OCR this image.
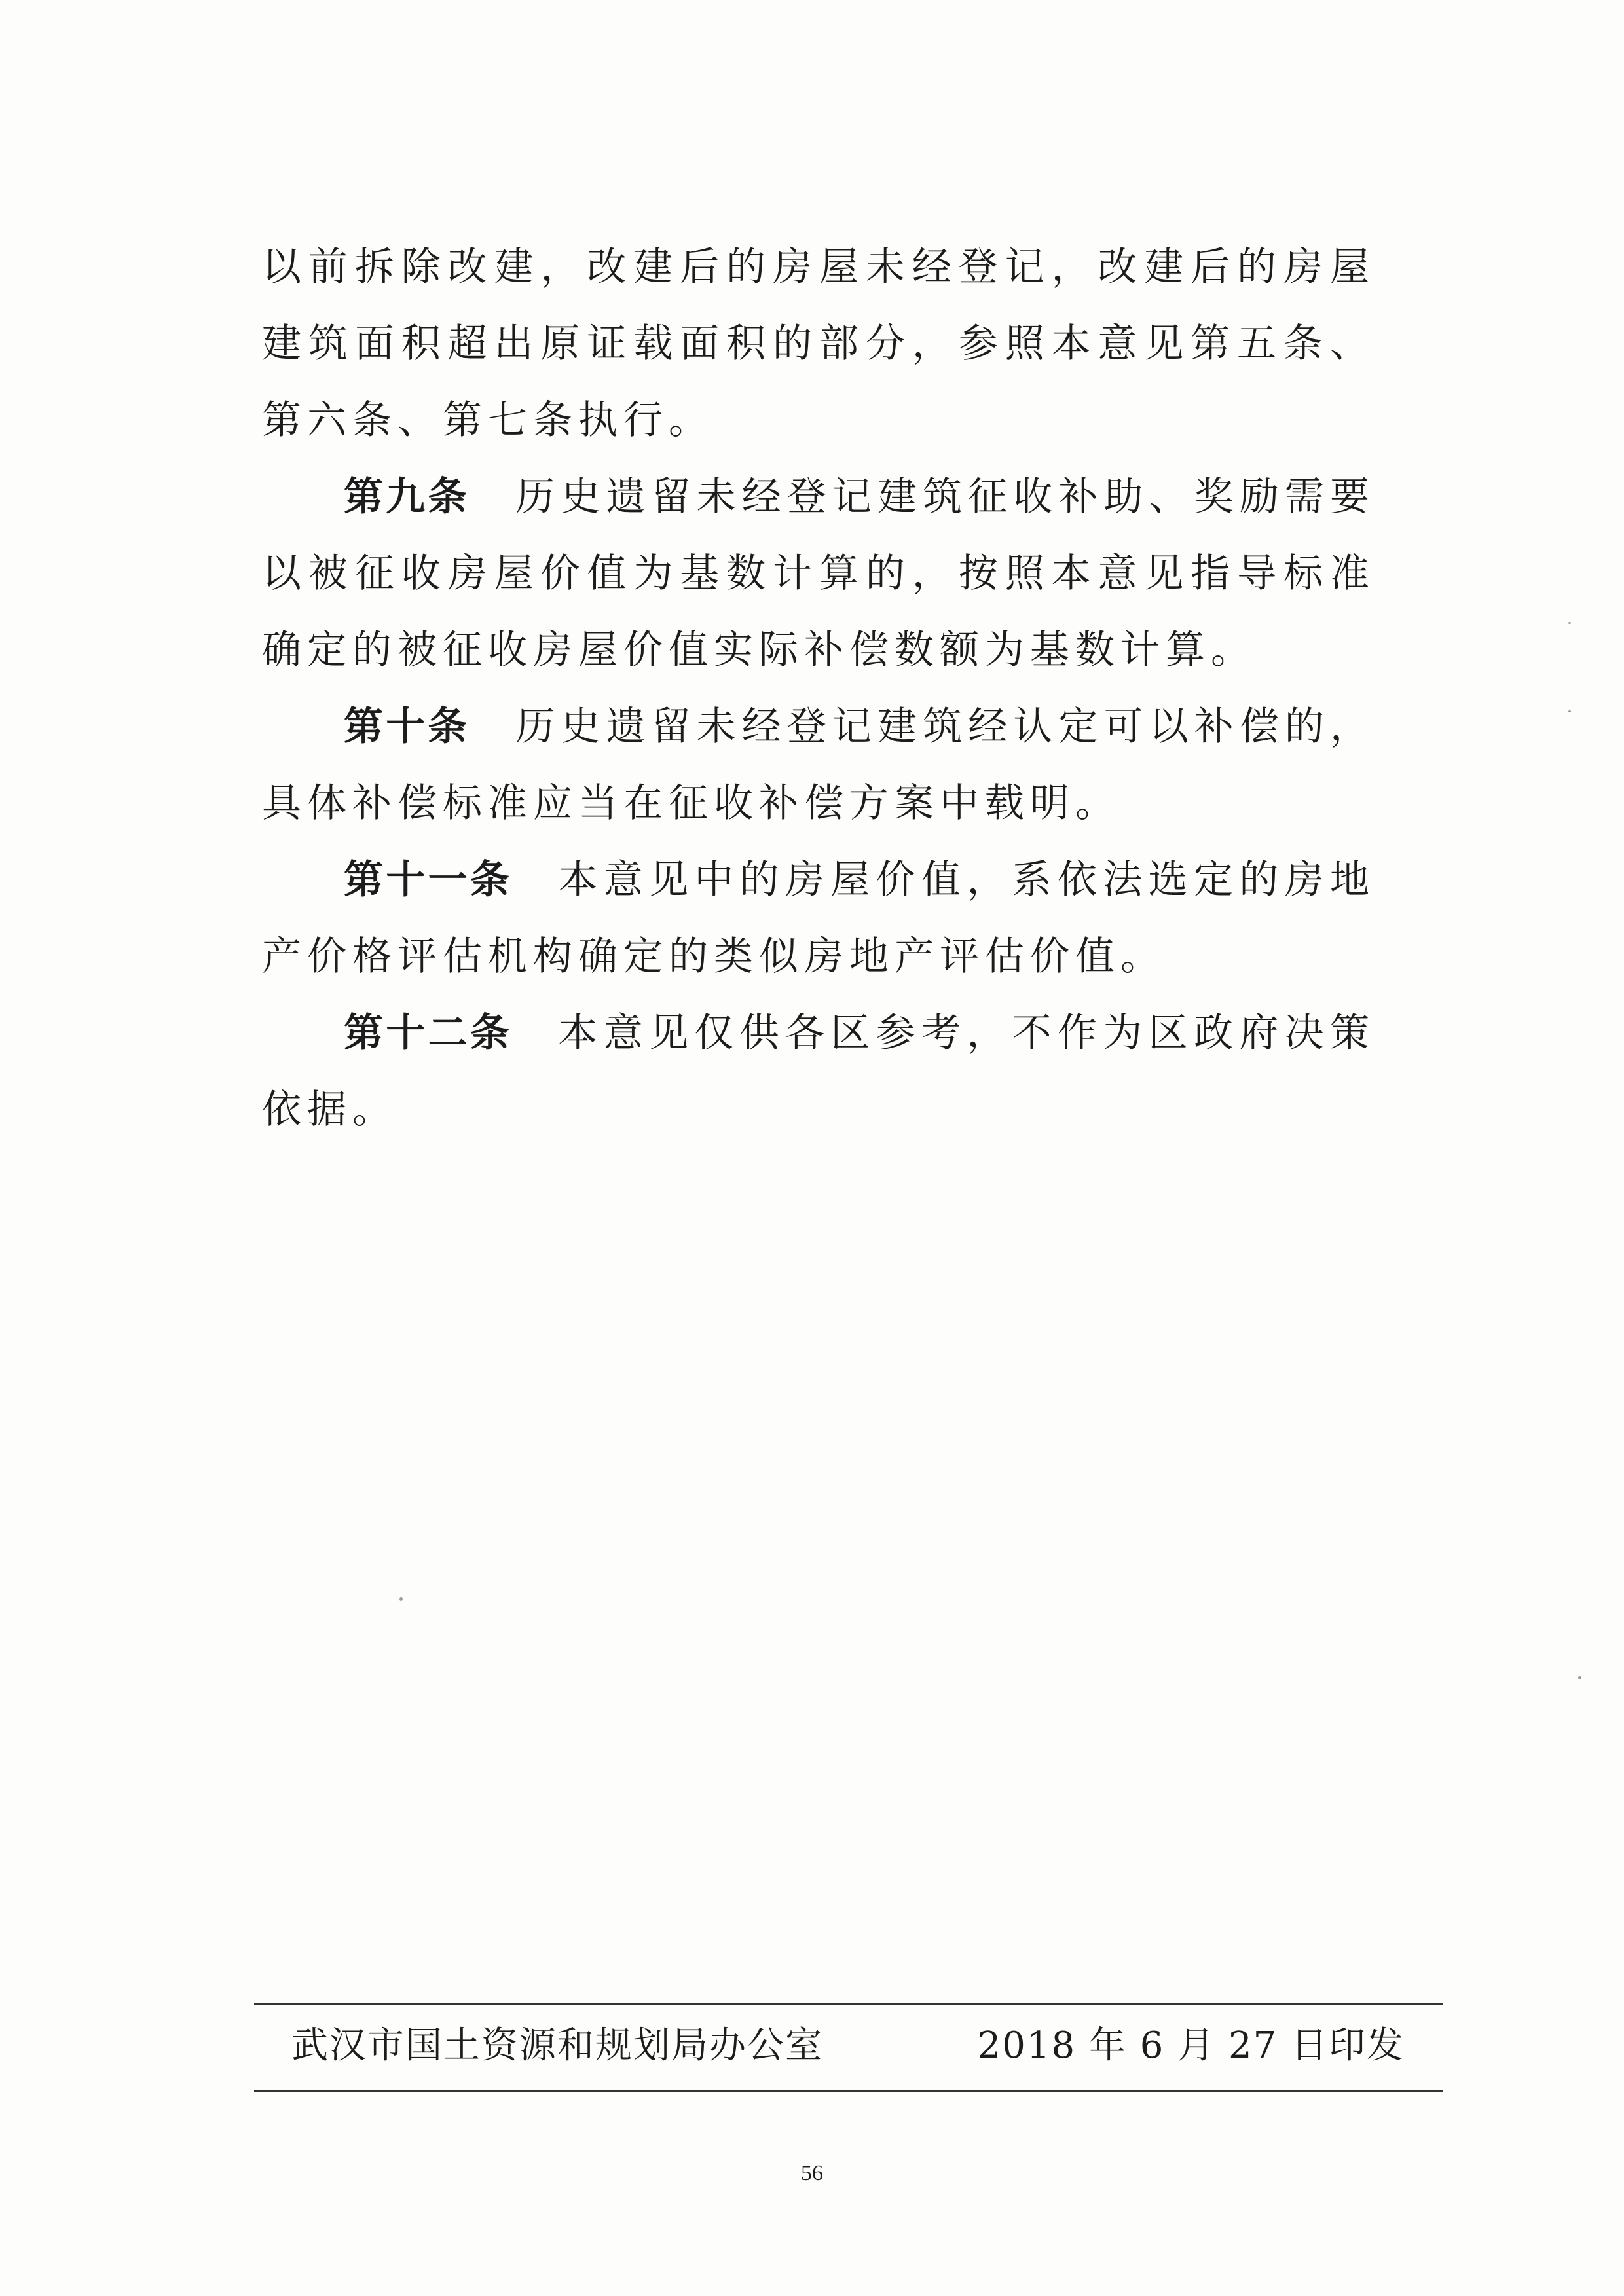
以前拆除改建，改建后的房屋未经登记，改建后的房屋建筑面积超出原证载面积的部分，参照本意见第五条、第六条、第七条执行。

第九条 历史遗留未经登记建筑征收补助、奖励需要以被征收房屋价值为基数计算的，按照本意见指导标准确定的被征收房屋价值实际补偿数额为基数计算。

第十条 历史遗留未经登记建筑经认定可以补偿的，具体补偿标准应当在征收补偿方案中载明。

第十一条 本意见中的房屋价值，系依法选定的房地产价格评估机构确定的类似房地产评估价值。

第十二条 本意见仅供各区参考，不作为区政府决策依据。

武汉市国土资源和规划局办公室	2018 年 6 月 27 日印发
56
